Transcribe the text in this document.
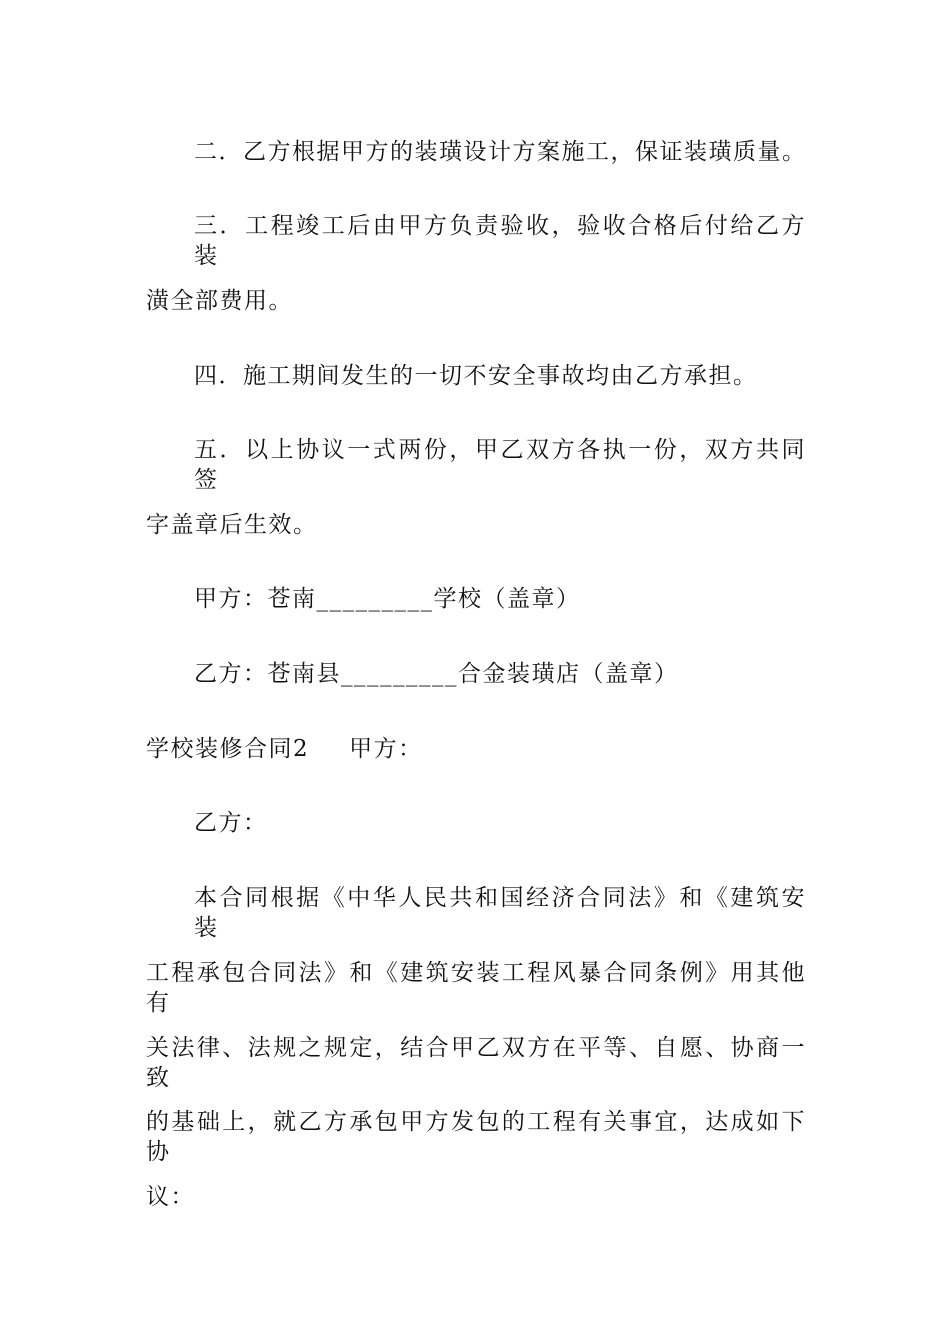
二．乙方根据甲方的装璜设计方案施工，保证装璜质量。
三．工程竣工后由甲方负责验收，验收合格后付给乙方装
潢全部费用。
四．施工期间发生的一切不安全事故均由乙方承担。
五．以上协议一式两份，甲乙双方各执一份，双方共同签
字盖章后生效。
甲方：苍南_________学校（盖章）
乙方：苍南县_________合金装璜店（盖章）
学校装修合同2 甲方：
乙方：
本合同根据《中华人民共和国经济合同法》和《建筑安装
工程承包合同法》和《建筑安装工程风暴合同条例》用其他有
关法律、法规之规定，结合甲乙双方在平等、自愿、协商一致
的基础上，就乙方承包甲方发包的工程有关事宜，达成如下协
议：
